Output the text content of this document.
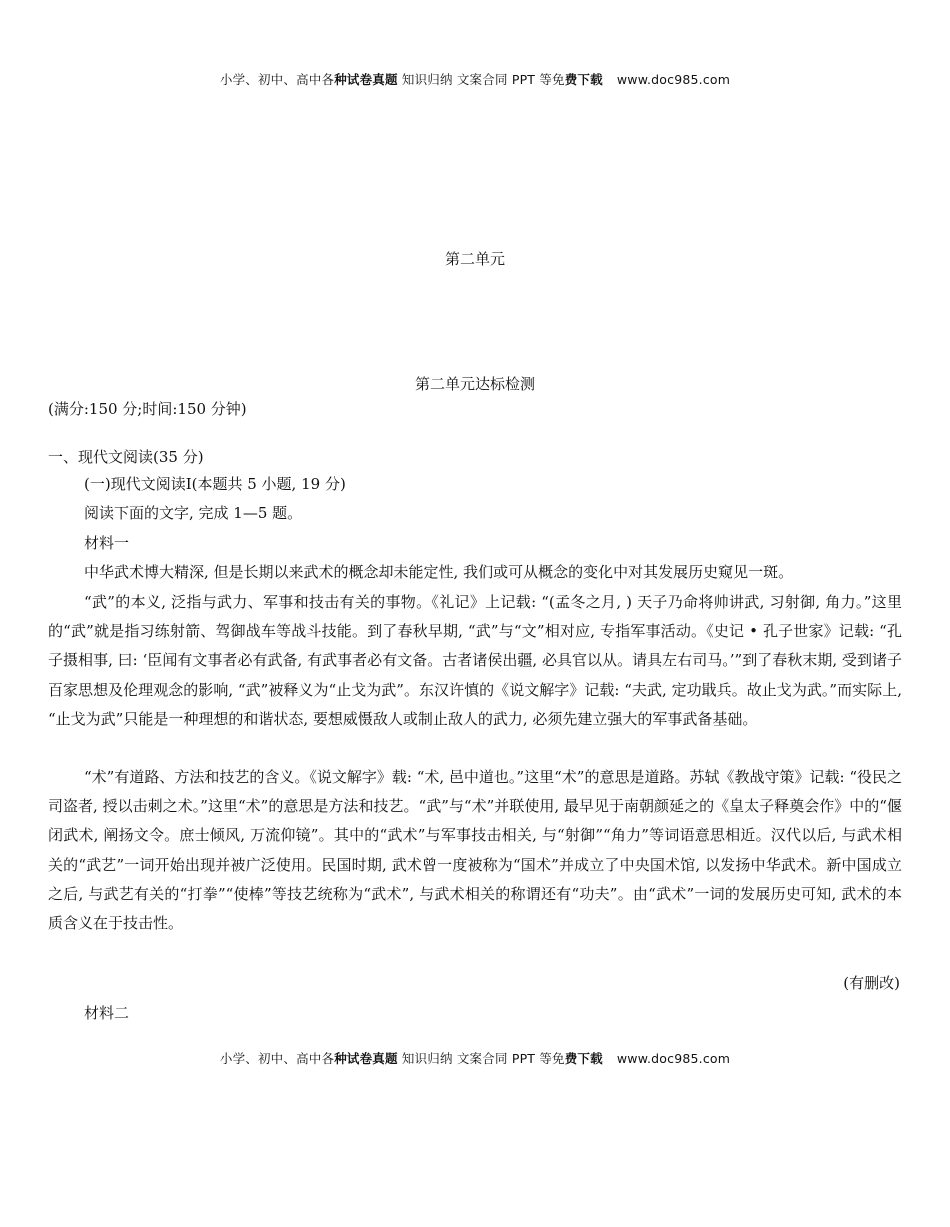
小学、初中、高中各种试卷真题 知识归纳 文案合同 PPT 等免费下载 www.doc985.com
第二单元
第二单元达标检测
(满分:150 分;时间:150 分钟)
一、现代文阅读(35 分)
(一)现代文阅读Ⅰ(本题共 5 小题, 19 分)
阅读下面的文字, 完成 1—5 题。
材料一

中华武术博大精深, 但是长期以来武术的概念却未能定性, 我们或可从概念的变化中对其发展历史窥见一斑。

“武”的本义, 泛指与武力、军事和技击有关的事物。《礼记》上记载: “(孟冬之月, ) 天子乃命将帅讲武, 习射御, 角力。”这里的“武”就是指习练射箭、驾御战车等战斗技能。到了春秋早期, “武”与“文”相对应, 专指军事活动。《史记 • 孔子世家》记载: “孔子摄相事, 曰: ‘臣闻有文事者必有武备, 有武事者必有文备。古者诸侯出疆, 必具官以从。请具左右司马。’”到了春秋末期, 受到诸子百家思想及伦理观念的影响, “武”被释义为“止戈为武”。东汉许慎的《说文解字》记载: “夫武, 定功戢兵。故止戈为武。”而实际上, “止戈为武”只能是一种理想的和谐状态, 要想威慑敌人或制止敌人的武力, 必须先建立强大的军事武备基础。

“术”有道路、方法和技艺的含义。《说文解字》载: “术, 邑中道也。”这里“术”的意思是道路。苏轼《教战守策》记载: “役民之司盗者, 授以击刺之术。”这里“术”的意思是方法和技艺。“武”与“术”并联使用, 最早见于南朝颜延之的《皇太子释奠会作》中的“偃闭武术, 阐扬文令。庶士倾风, 万流仰镜”。其中的“武术”与军事技击相关, 与“射御”“角力”等词语意思相近。汉代以后, 与武术相关的“武艺”一词开始出现并被广泛使用。民国时期, 武术曾一度被称为“国术”并成立了中央国术馆, 以发扬中华武术。新中国成立之后, 与武艺有关的“打拳”“使棒”等技艺统称为“武术”, 与武术相关的称谓还有“功夫”。由“武术”一词的发展历史可知, 武术的本质含义在于技击性。

(有删改)
材料二
小学、初中、高中各种试卷真题 知识归纳 文案合同 PPT 等免费下载 www.doc985.com
